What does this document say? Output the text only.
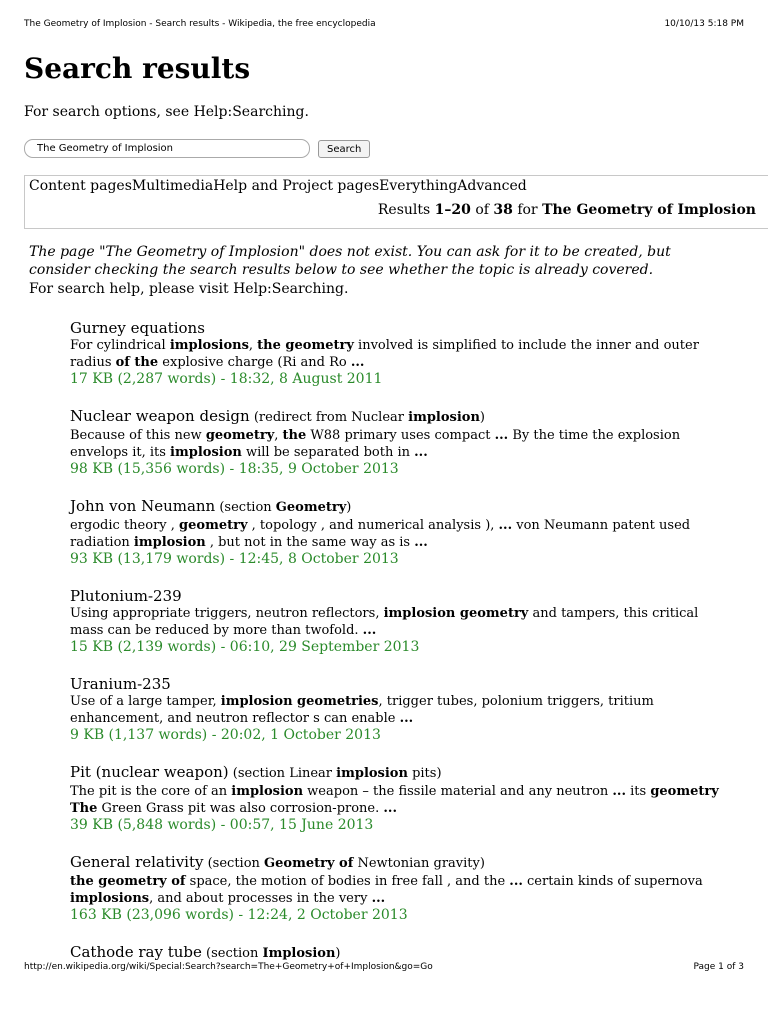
The Geometry of Implosion - Search results - Wikipedia, the free encyclopedia	10/10/13 5:18 PM
Search results
For search options, see Help:Searching.
The Geometry of Implosion
Search
Content pagesMultimediaHelp and Project pagesEverythingAdvanced
Results 1–20 of 38 for The Geometry of Implosion
The page "The Geometry of Implosion" does not exist. You can ask for it to be created, but consider checking the search results below to see whether the topic is already covered.
For search help, please visit Help:Searching.
Gurney equations
For cylindrical implosions, the geometry involved is simplified to include the inner and outer radius of the explosive charge (Ri and Ro ...
17 KB (2,287 words) - 18:32, 8 August 2011
Nuclear weapon design (redirect from Nuclear implosion)
Because of this new geometry, the W88 primary uses compact ... By the time the explosion envelops it, its implosion will be separated both in ...
98 KB (15,356 words) - 18:35, 9 October 2013
John von Neumann (section Geometry)
ergodic theory , geometry , topology , and numerical analysis ), ... von Neumann patent used radiation implosion , but not in the same way as is ...
93 KB (13,179 words) - 12:45, 8 October 2013
Plutonium-239
Using appropriate triggers, neutron reflectors, implosion geometry and tampers, this critical mass can be reduced by more than twofold. ...
15 KB (2,139 words) - 06:10, 29 September 2013
Uranium-235
Use of a large tamper, implosion geometries, trigger tubes, polonium triggers, tritium enhancement, and neutron reflector s can enable ...
9 KB (1,137 words) - 20:02, 1 October 2013
Pit (nuclear weapon) (section Linear implosion pits)
The pit is the core of an implosion weapon – the fissile material and any neutron ... its geometry The Green Grass pit was also corrosion-prone. ...
39 KB (5,848 words) - 00:57, 15 June 2013
General relativity (section Geometry of Newtonian gravity)
the geometry of space, the motion of bodies in free fall , and the ... certain kinds of supernova implosions, and about processes in the very ...
163 KB (23,096 words) - 12:24, 2 October 2013
Cathode ray tube (section Implosion)
http://en.wikipedia.org/wiki/Special:Search?search=The+Geometry+of+Implosion&go=Go	Page 1 of 3
